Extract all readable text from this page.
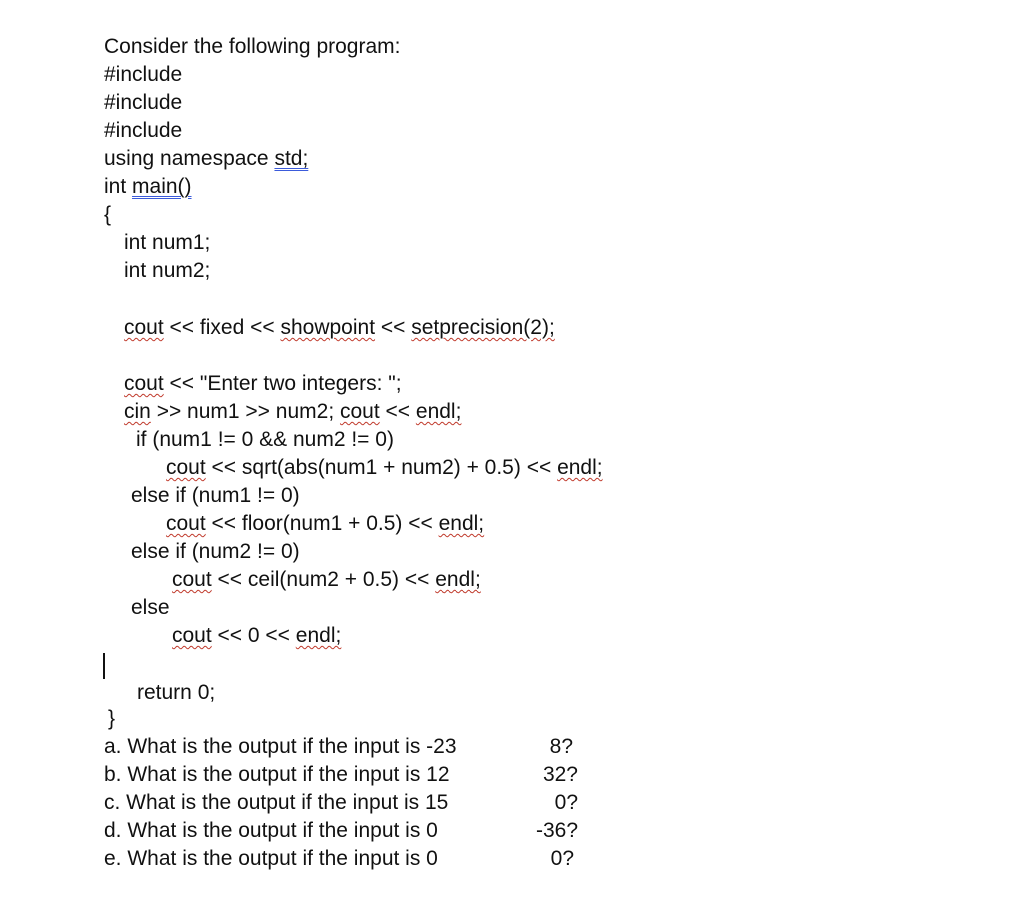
Consider the following program:
#include
#include
#include
using namespace std;
int main()
{
int num1;
int num2;
cout << fixed << showpoint << setprecision(2);
cout << "Enter two integers: ";
cin >> num1 >> num2; cout << endl;
if (num1 != 0 && num2 != 0)
cout << sqrt(abs(num1 + num2) + 0.5) << endl;
else if (num1 != 0)
cout << floor(num1 + 0.5) << endl;
else if (num2 != 0)
cout << ceil(num2 + 0.5) << endl;
else
cout << 0 << endl;
return 0;
}
a. What is the output if the input is -23	8?
b. What is the output if the input is 12	32?
c. What is the output if the input is 15	0?
d. What is the output if the input is 0	-36?
e. What is the output if the input is 0	0?
